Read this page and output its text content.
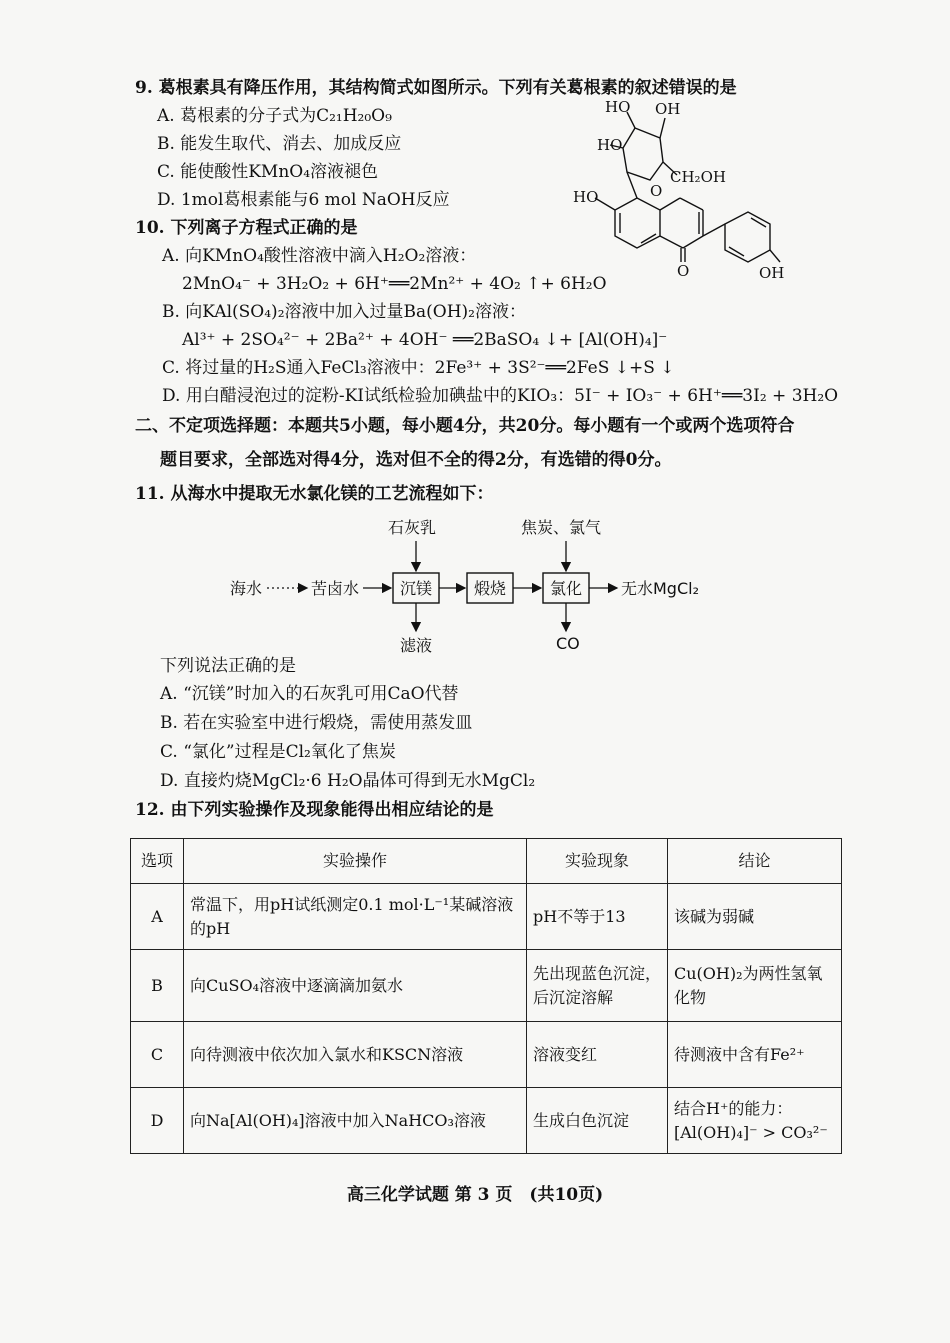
9. 葛根素具有降压作用，其结构简式如图所示。下列有关葛根素的叙述错误的是
A. 葛根素的分子式为C₂₁H₂₀O₉
B. 能发生取代、消去、加成反应
C. 能使酸性KMnO₄溶液褪色
D. 1mol葛根素能与6 mol NaOH反应
HO OH
HO
CH₂OH
O
HO
O	OH
10. 下列离子方程式正确的是
A. 向KMnO₄酸性溶液中滴入H₂O₂溶液：
2MnO₄⁻ + 3H₂O₂ + 6H⁺══2Mn²⁺ + 4O₂ ↑+ 6H₂O
B. 向KAl(SO₄)₂溶液中加入过量Ba(OH)₂溶液：
Al³⁺ + 2SO₄²⁻ + 2Ba²⁺ + 4OH⁻ ══2BaSO₄ ↓+ [Al(OH)₄]⁻
C. 将过量的H₂S通入FeCl₃溶液中：2Fe³⁺ + 3S²⁻══2FeS ↓+S ↓
D. 用白醋浸泡过的淀粉-KI试纸检验加碘盐中的KIO₃：5I⁻ + IO₃⁻ + 6H⁺══3I₂ + 3H₂O
二、不定项选择题：本题共5小题，每小题4分，共20分。每小题有一个或两个选项符合
题目要求，全部选对得4分，选对但不全的得2分，有选错的得0分。
11. 从海水中提取无水氯化镁的工艺流程如下：
海水	苦卤水	沉镁	煅烧	氯化 无水MgCl₂
石灰乳	焦炭、氯气
滤液	CO
下列说法正确的是
A. “沉镁”时加入的石灰乳可用CaO代替
B. 若在实验室中进行煅烧，需使用蒸发皿
C. “氯化”过程是Cl₂氧化了焦炭
D. 直接灼烧MgCl₂·6 H₂O晶体可得到无水MgCl₂
12. 由下列实验操作及现象能得出相应结论的是
选项	实验操作	实验现象	结论
A	常温下，用pH试纸测定0.1 mol·L⁻¹某碱溶液的pH	pH不等于13	该碱为弱碱
B	向CuSO₄溶液中逐滴滴加氨水	先出现蓝色沉淀，后沉淀溶解	Cu(OH)₂为两性氢氧化物
C	向待测液中依次加入氯水和KSCN溶液	溶液变红	待测液中含有Fe²⁺
D	向Na[Al(OH)₄]溶液中加入NaHCO₃溶液	生成白色沉淀	结合H⁺的能力：[Al(OH)₄]⁻ > CO₃²⁻
高三化学试题 第 3 页　(共10页)
